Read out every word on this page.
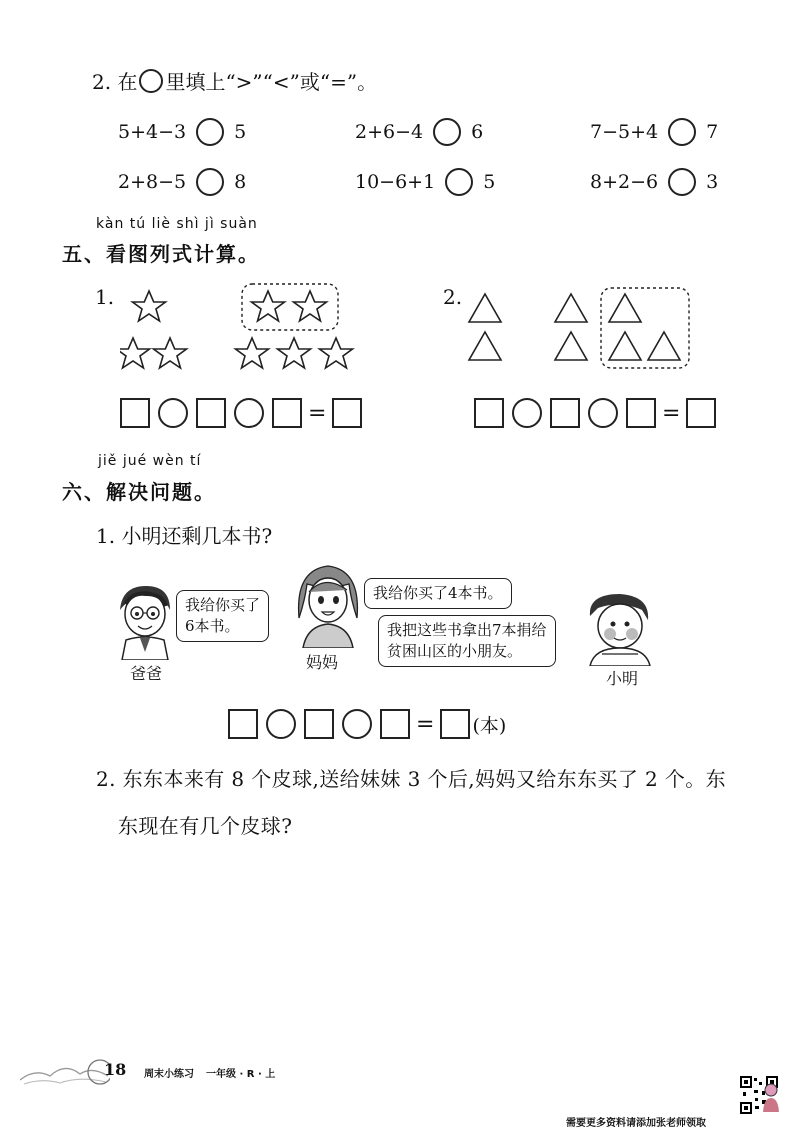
2. 在 里填上“>”“<”或“=”。
5+4−3	5	2+6−4	6	7−5+4	7
2+8−5	8	10−6+1	5	8+2−6	3
kàn tú liè shì jì suàn
五、看图列式计算。
1.
=
2.
=
jiě jué wèn tí
六、解决问题。
1. 小明还剩几本书?
我给你买了
6本书。
爸爸
我给你买了4本书。
妈妈
我把这些书拿出7本捐给
贫困山区的小朋友。
小明
= (本)
2. 东东本来有 8 个皮球,送给妹妹 3 个后,妈妈又给东东买了 2 个。东
东现在有几个皮球?
18 周末小练习 一年级 · R · 上
需要更多资料请添加张老师领取
